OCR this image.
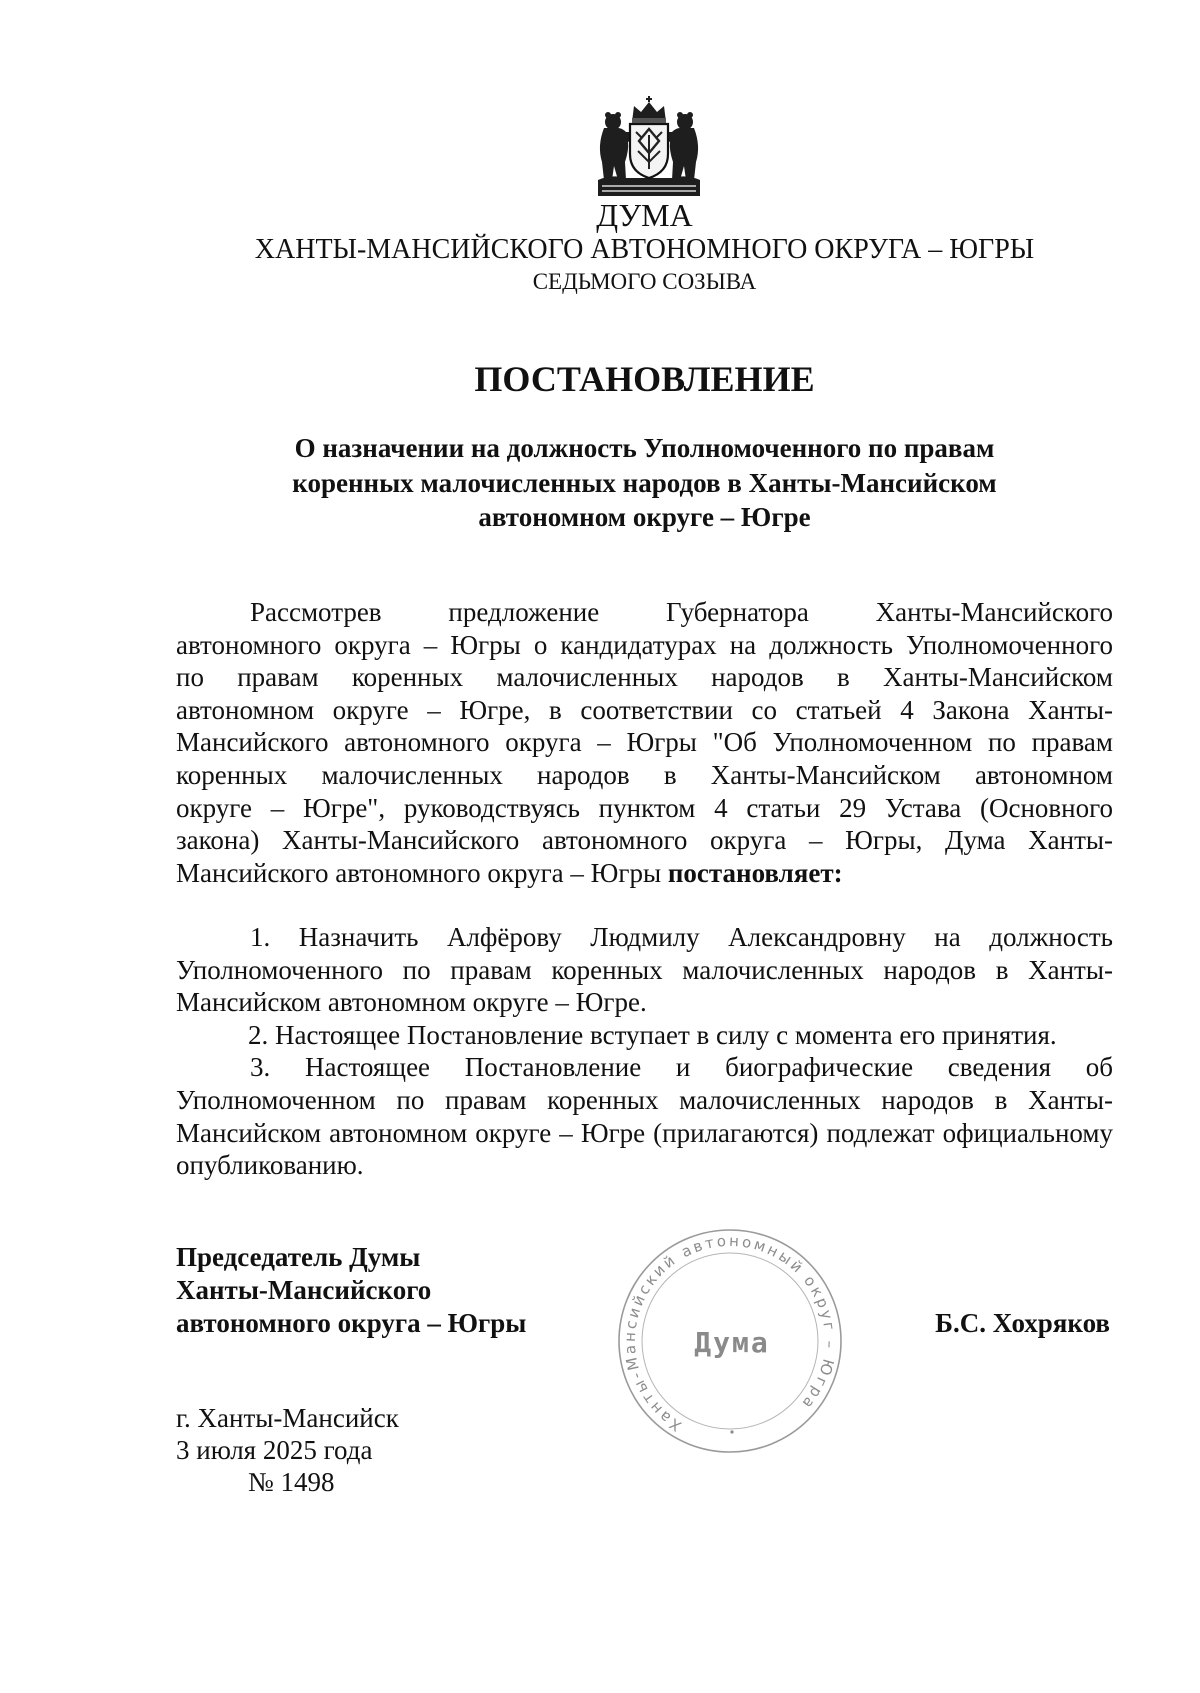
ДУМА
ХАНТЫ-МАНСИЙСКОГО АВТОНОМНОГО ОКРУГА – ЮГРЫ
СЕДЬМОГО СОЗЫВА
ПОСТАНОВЛЕНИЕ
О назначении на должность Уполномоченного по правам
коренных малочисленных народов в Ханты-Мансийском
автономном округе – Югре
Рассмотрев предложение Губернатора Ханты-Мансийского
автономного округа – Югры о кандидатурах на должность Уполномоченного
по правам коренных малочисленных народов в Ханты-Мансийском
автономном округе – Югре, в соответствии со статьей 4 Закона Ханты-
Мансийского автономного округа – Югры "Об Уполномоченном по правам
коренных малочисленных народов в Ханты-Мансийском автономном
округе – Югре", руководствуясь пунктом 4 статьи 29 Устава (Основного
закона) Ханты-Мансийского автономного округа – Югры, Дума Ханты-
Мансийского автономного округа – Югры постановляет:
1. Назначить Алфёрову Людмилу Александровну на должность
Уполномоченного по правам коренных малочисленных народов в Ханты-
Мансийском автономном округе – Югре.
2. Настоящее Постановление вступает в силу с момента его принятия.
3. Настоящее Постановление и биографические сведения об
Уполномоченном по правам коренных малочисленных народов в Ханты-
Мансийском автономном округе – Югре (прилагаются) подлежат официальному
опубликованию.
Председатель Думы
Ханты-Мансийского
автономного округа – Югры	Б.С. Хохряков
Ханты-Мансийский автономный округ – Югра
Дума
г. Ханты-Мансийск
3 июля 2025 года
№ 1498
